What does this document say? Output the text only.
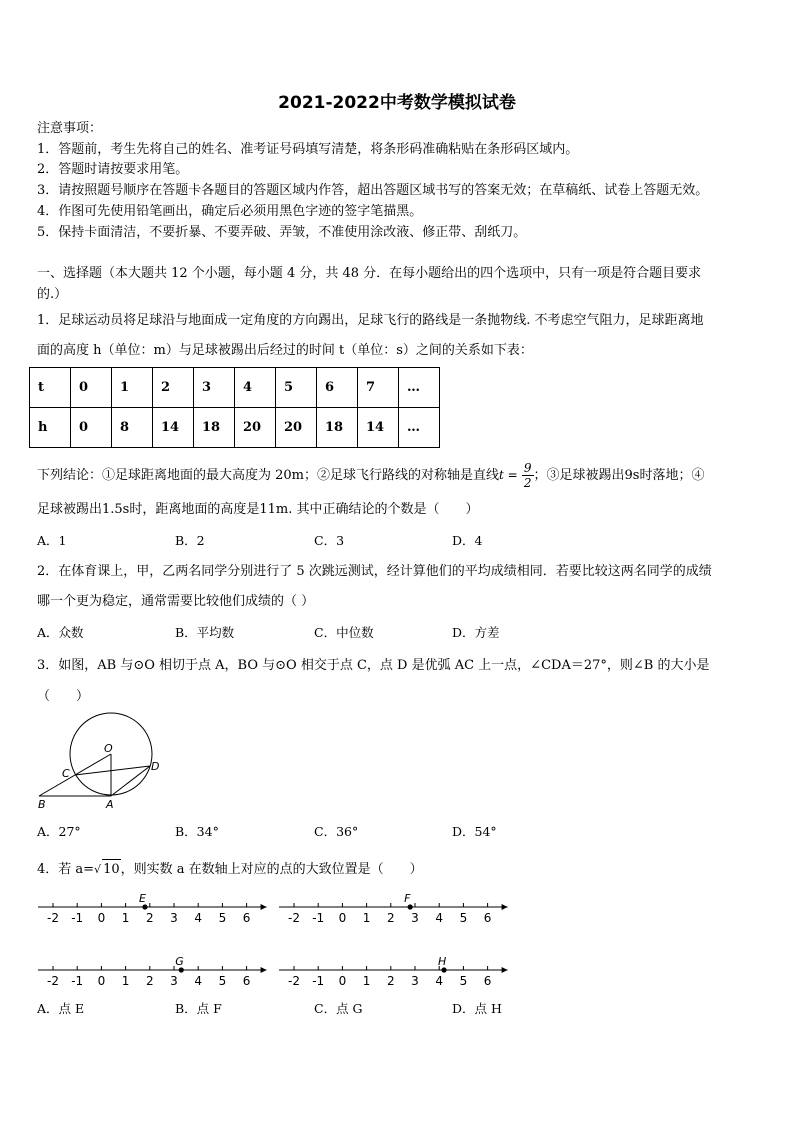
2021-2022中考数学模拟试卷
注意事项：
1．答题前，考生先将自己的姓名、准考证号码填写清楚，将条形码准确粘贴在条形码区域内。
2．答题时请按要求用笔。
3．请按照题号顺序在答题卡各题目的答题区域内作答，超出答题区域书写的答案无效；在草稿纸、试卷上答题无效。
4．作图可先使用铅笔画出，确定后必须用黑色字迹的签字笔描黑。
5．保持卡面清洁，不要折暴、不要弄破、弄皱，不准使用涂改液、修正带、刮纸刀。
一、选择题（本大题共 12 个小题，每小题 4 分，共 48 分．在每小题给出的四个选项中，只有一项是符合题目要求
的.）
1．足球运动员将足球沿与地面成一定角度的方向踢出，足球飞行的路线是一条抛物线. 不考虑空气阻力，足球距离地
面的高度 h（单位：m）与足球被踢出后经过的时间 t（单位：s）之间的关系如下表：
t	0	1	2	3	4	5	6	7	…
h	0	8	14	18	20	20	18	14	…
下列结论：①足球距离地面的最大高度为 20m；②足球飞行路线的对称轴是直线$t = \frac{9}{2}$ ；③足球被踢出9s时落地；④
足球被踢出1.5s时，距离地面的高度是11m. 其中正确结论的个数是（　　）
A．1	B．2	C．3	D．4
2．在体育课上，甲，乙两名同学分别进行了 5 次跳远测试，经计算他们的平均成绩相同．若要比较这两名同学的成绩
哪一个更为稳定，通常需要比较他们成绩的（ ）
A．众数	B．平均数	C．中位数	D．方差
3．如图，AB 与⊙O 相切于点 A，BO 与⊙O 相交于点 C，点 D 是优弧 AC 上一点，∠CDA＝27°，则∠B 的大小是
（　　）
O
C
D
B	A
A．27°	B．34°	C．36°	D．54°
4．若 a=√ 10，则实数 a 在数轴上对应的点的大致位置是（　　）
-2 -1 0 1 2 3 4 5 6
E
-2 -1 0 1 2 3 4 5 6
F
-2 -1 0 1 2 3 4 5 6
G
-2 -1 0 1 2 3 4 5 6
H
A．点 E	B．点 F	C．点 G	D．点 H
